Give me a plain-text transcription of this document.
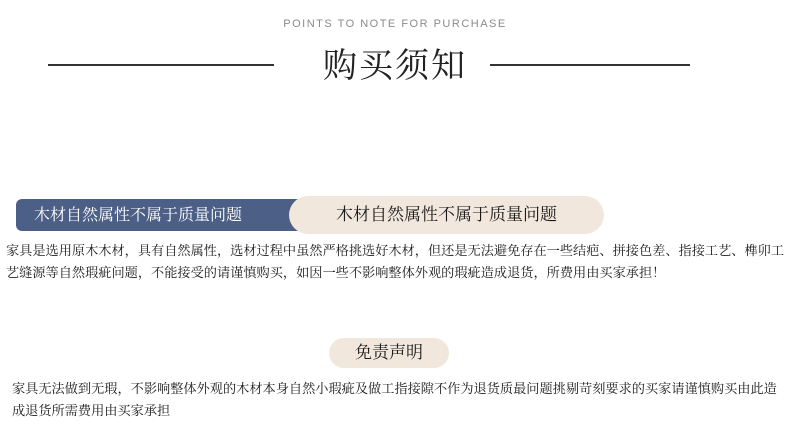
POINTS TO NOTE FOR PURCHASE
购买须知
木材自然属性不属于质量问题	木材自然属性不属于质量问题

家具是选用原木木材，具有自然属性，选材过程中虽然严格挑选好木材，但还是无法避免存在一些结疤、拼接色差、指接工艺、榫卯工艺缝源等自然瑕疵问题，不能接受的请谨慎购买，如因一些不影响整体外观的瑕疵造成退货，所费用由买家承担！

免责声明

家具无法做到无瑕，不影响整体外观的木材本身自然小瑕疵及做工指接隙不作为退货质最问题挑剔苛刻要求的买家请谨慎购买由此造成退货所需费用由买家承担
